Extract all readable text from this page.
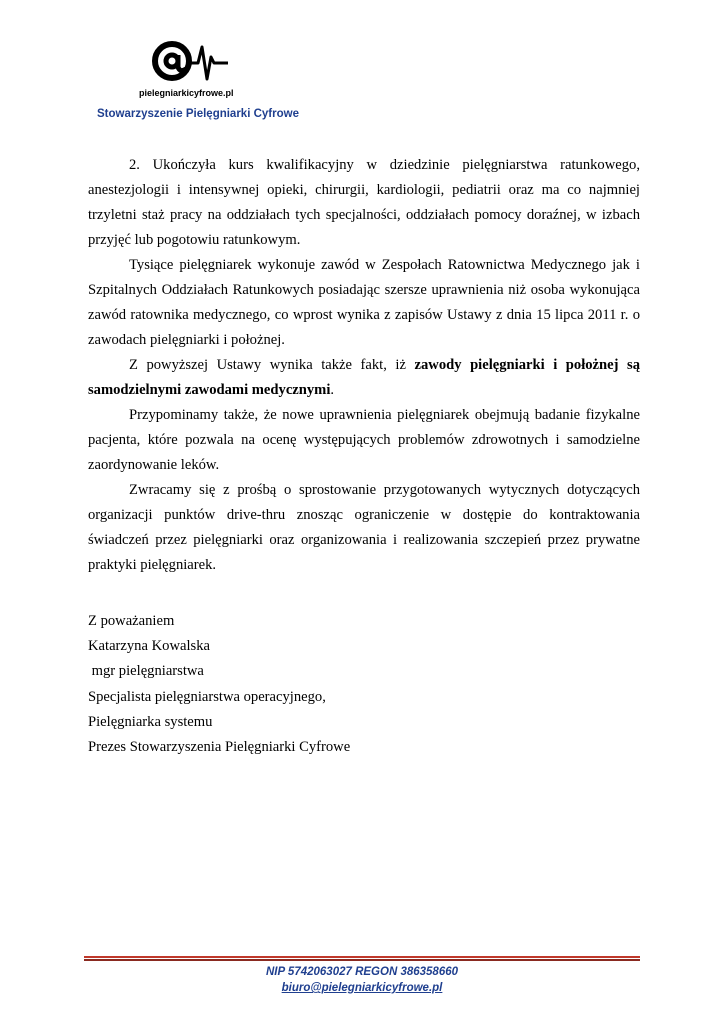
pielegniarkicyfrowe.pl
Stowarzyszenie Pielęgniarki Cyfrowe

2. Ukończyła kurs kwalifikacyjny w dziedzinie pielęgniarstwa ratunkowego, anestezjologii i intensywnej opieki, chirurgii, kardiologii, pediatrii oraz ma co najmniej trzyletni staż pracy na oddziałach tych specjalności, oddziałach pomocy doraźnej, w izbach przyjęć lub pogotowiu ratunkowym.

Tysiące pielęgniarek wykonuje zawód w Zespołach Ratownictwa Medycznego jak i Szpitalnych Oddziałach Ratunkowych posiadając szersze uprawnienia niż osoba wykonująca zawód ratownika medycznego, co wprost wynika z zapisów Ustawy z dnia 15 lipca 2011 r. o zawodach pielęgniarki i położnej.

Z powyższej Ustawy wynika także fakt, iż zawody pielęgniarki i położnej są samodzielnymi zawodami medycznymi.

Przypominamy także, że nowe uprawnienia pielęgniarek obejmują badanie fizykalne pacjenta, które pozwala na ocenę występujących problemów zdrowotnych i samodzielne zaordynowanie leków.

Zwracamy się z prośbą o sprostowanie przygotowanych wytycznych dotyczących organizacji punktów drive-thru znosząc ograniczenie w dostępie do kontraktowania świadczeń przez pielęgniarki oraz organizowania i realizowania szczepień przez prywatne praktyki pielęgniarek.

Z poważaniem
Katarzyna Kowalska
mgr pielęgniarstwa
Specjalista pielęgniarstwa operacyjnego,
Pielęgniarka systemu
Prezes Stowarzyszenia Pielęgniarki Cyfrowe
NIP 5742063027 REGON 386358660
biuro@pielegniarkicyfrowe.pl
